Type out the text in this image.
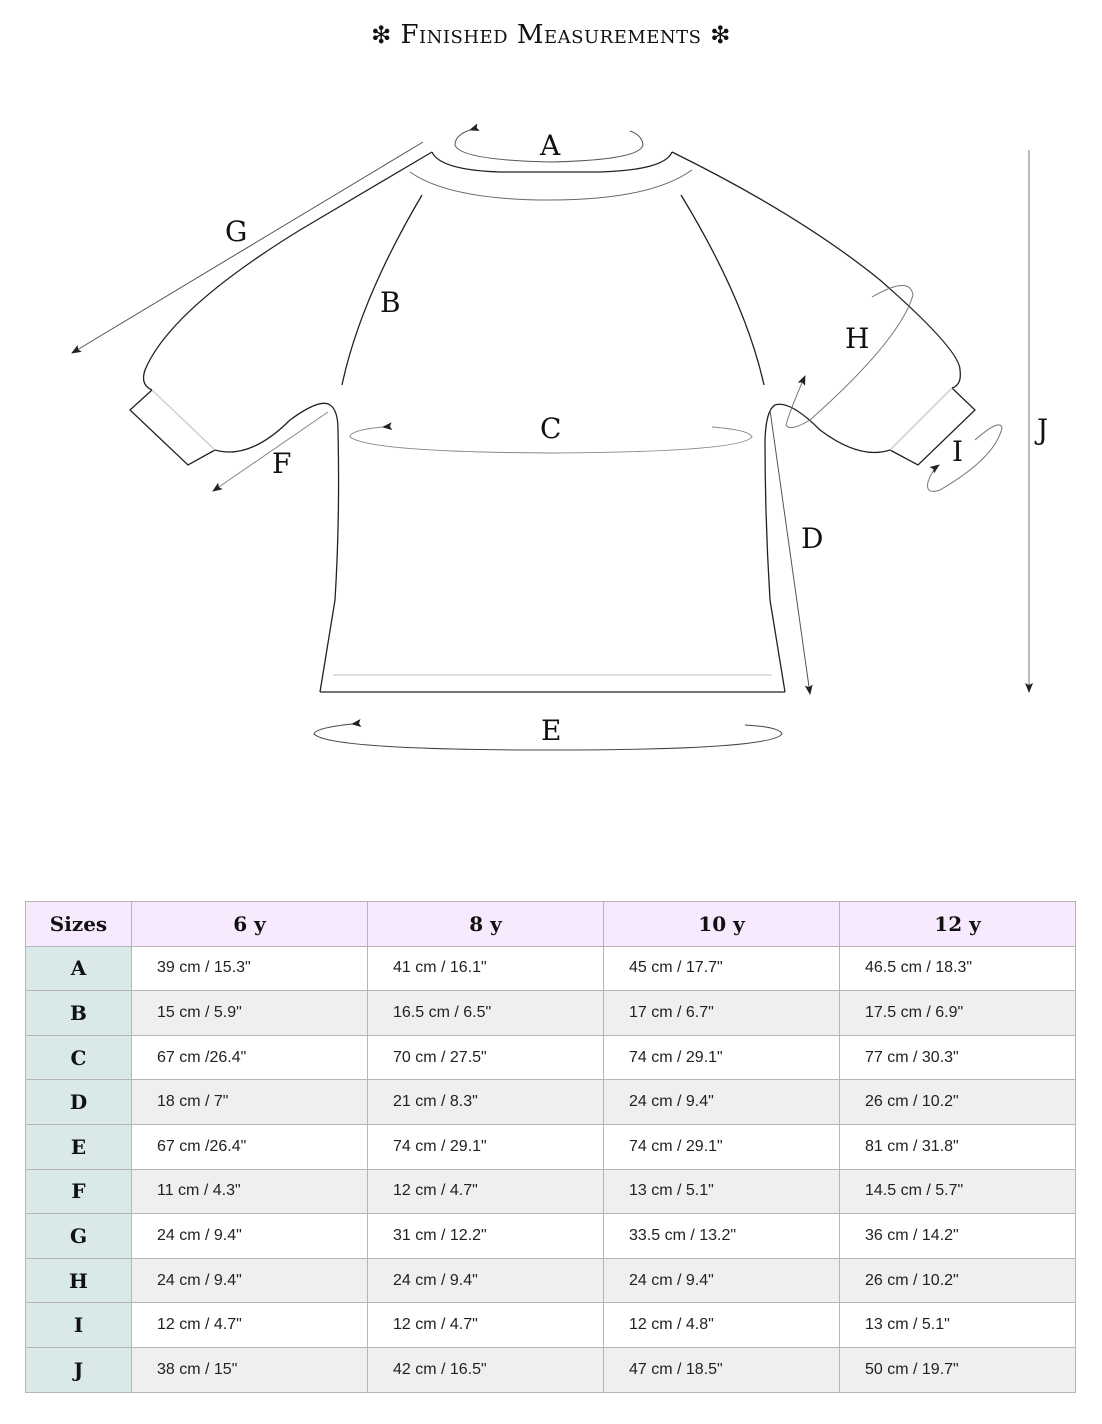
❇ Finished Measurements ❇
A
B
C
D
E
F
G
H
I
J
Sizes	6 y	8 y	10 y	12 y
A	39 cm / 15.3"	41 cm / 16.1"	45 cm / 17.7"	46.5 cm / 18.3"
B	15 cm / 5.9"	16.5 cm / 6.5"	17 cm / 6.7"	17.5 cm / 6.9"
C	67 cm /26.4"	70 cm / 27.5"	74 cm / 29.1"	77 cm / 30.3"
D	18 cm / 7"	21 cm / 8.3"	24 cm / 9.4"	26 cm / 10.2"
E	67 cm /26.4"	74 cm / 29.1"	74 cm / 29.1"	81 cm / 31.8"
F	11 cm / 4.3"	12 cm / 4.7"	13 cm / 5.1"	14.5 cm / 5.7"
G	24 cm / 9.4"	31 cm / 12.2"	33.5 cm / 13.2"	36 cm / 14.2"
H	24 cm / 9.4"	24 cm / 9.4"	24 cm / 9.4"	26 cm / 10.2"
I	12 cm / 4.7"	12 cm / 4.7"	12 cm / 4.8"	13 cm / 5.1"
J	38 cm / 15"	42 cm / 16.5"	47 cm / 18.5"	50 cm / 19.7"
